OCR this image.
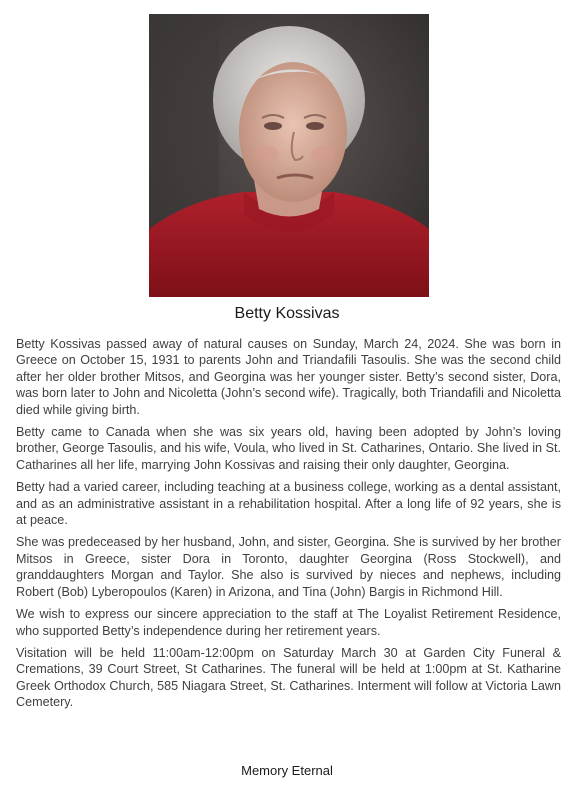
Betty Kossivas

Betty Kossivas passed away of natural causes on Sunday, March 24, 2024. She was born in Greece on October 15, 1931 to parents John and Triandafili Tasoulis. She was the second child after her older brother Mitsos, and Georgina was her younger sister. Betty’s second sister, Dora, was born later to John and Nicoletta (John’s second wife). Tragically, both Triandafili and Nicoletta died while giving birth.

Betty came to Canada when she was six years old, having been adopted by John’s loving brother, George Tasoulis, and his wife, Voula, who lived in St. Catharines, Ontario. She lived in St. Catharines all her life, marrying John Kossivas and raising their only daughter, Georgina.

Betty had a varied career, including teaching at a business college, working as a dental assistant, and as an administrative assistant in a rehabilitation hospital. After a long life of 92 years, she is at peace.

She was predeceased by her husband, John, and sister, Georgina. She is survived by her brother Mitsos in Greece, sister Dora in Toronto, daughter Georgina (Ross Stockwell), and granddaughters Morgan and Taylor. She also is survived by nieces and nephews, including Robert (Bob) Lyberopoulos (Karen) in Arizona, and Tina (John) Bargis in Richmond Hill.

We wish to express our sincere appreciation to the staff at The Loyalist Retirement Residence, who supported Betty’s independence during her retirement years.

Visitation will be held 11:00am-12:00pm on Saturday March 30 at Garden City Funeral & Cremations, 39 Court Street, St Catharines. The funeral will be held at 1:00pm at St. Katharine Greek Orthodox Church, 585 Niagara Street, St. Catharines. Interment will follow at Victoria Lawn Cemetery.

Memory Eternal
